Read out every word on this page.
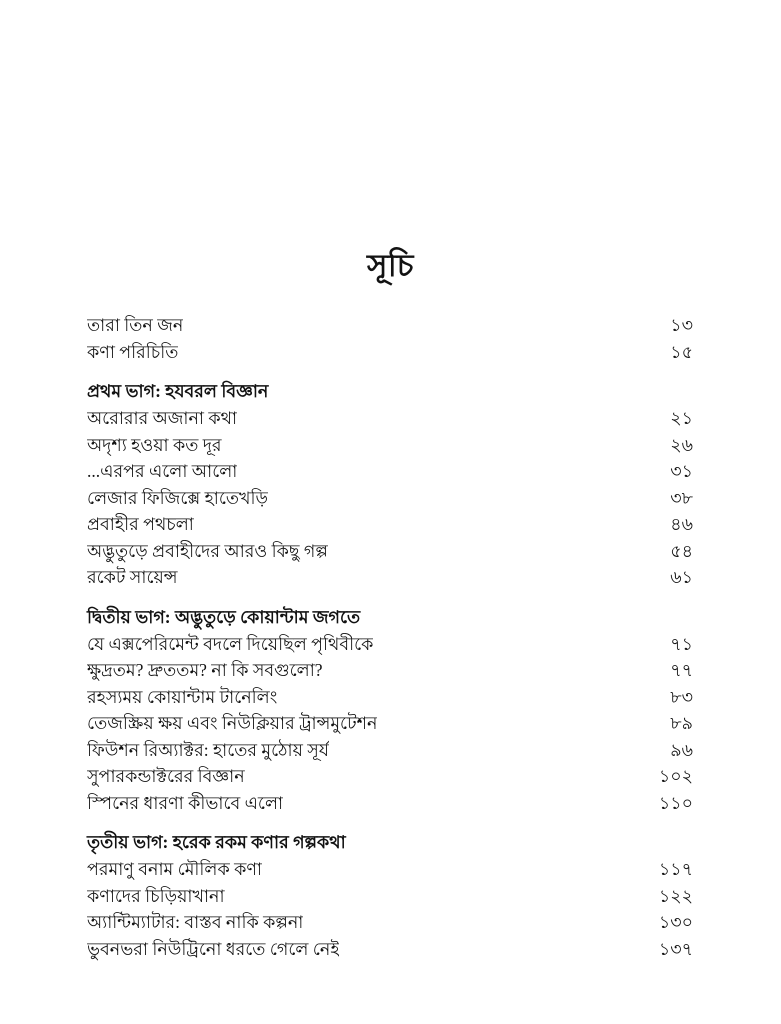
সূচি
তারা তিন জন	১৩
কণা পরিচিতি	১৫
প্রথম ভাগ: হযবরল বিজ্ঞান
অরোরার অজানা কথা	২১
অদৃশ্য হওয়া কত দূর	২৬
...এরপর এলো আলো	৩১
লেজার ফিজিক্সে হাতেখড়ি	৩৮
প্রবাহীর পথচলা	৪৬
অদ্ভুতুড়ে প্রবাহীদের আরও কিছু গল্প	৫৪
রকেট সায়েন্স	৬১
দ্বিতীয় ভাগ: অদ্ভুতুড়ে কোয়ান্টাম জগতে
যে এক্সপেরিমেন্ট বদলে দিয়েছিল পৃথিবীকে	৭১
ক্ষুদ্রতম? দ্রুততম? না কি সবগুলো?	৭৭
রহস্যময় কোয়ান্টাম টানেলিং	৮৩
তেজস্ক্রিয় ক্ষয় এবং নিউক্লিয়ার ট্রান্সমুটেশন	৮৯
ফিউশন রিঅ্যাক্টর: হাতের মুঠোয় সূর্য	৯৬
সুপারকন্ডাক্টরের বিজ্ঞান	১০২
স্পিনের ধারণা কীভাবে এলো	১১০
তৃতীয় ভাগ: হরেক রকম কণার গল্পকথা
পরমাণু বনাম মৌলিক কণা	১১৭
কণাদের চিড়িয়াখানা	১২২
অ্যান্টিম্যাটার: বাস্তব নাকি কল্পনা	১৩০
ভুবনভরা নিউট্রিনো ধরতে গেলে নেই	১৩৭
